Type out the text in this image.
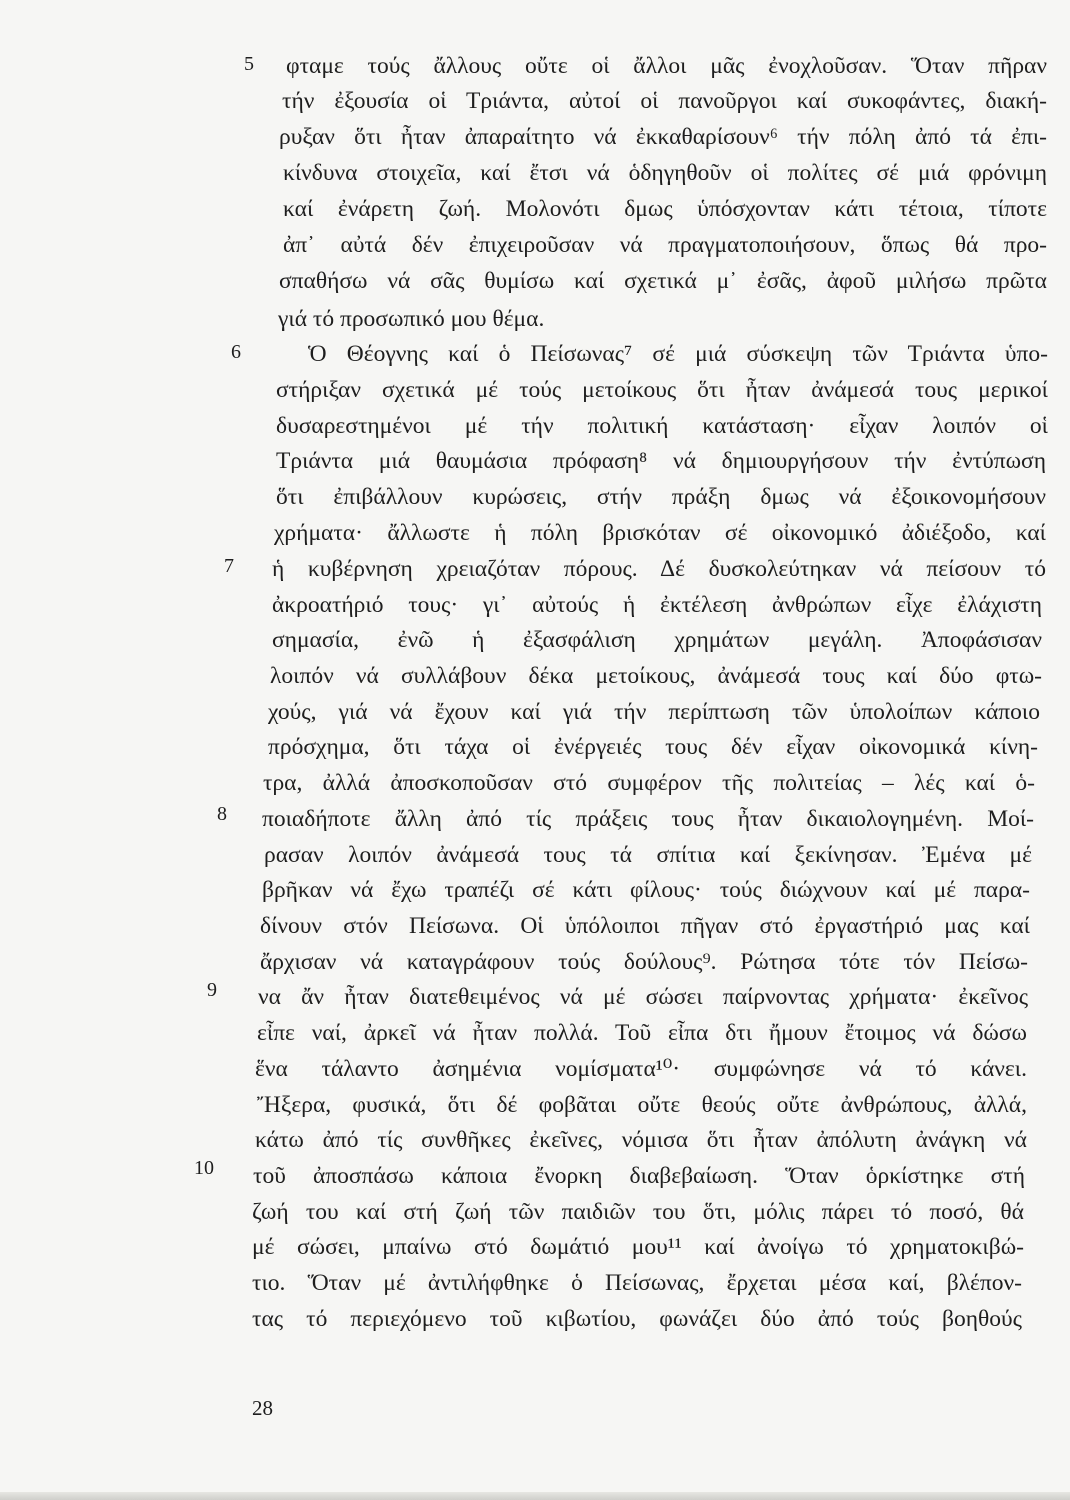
5
6
7
8
9
10
φταμε τούς ἄλλους οὔτε οἱ ἄλλοι μᾶς ἐνοχλοῦσαν. Ὅταν πῆραν
τήν ἐξουσία οἱ Τριάντα, αὐτοί οἱ πανοῦργοι καί συκοφάντες, διακή-
ρυξαν ὅτι ἦταν ἀπαραίτητο νά ἐκκαθαρίσουν⁶ τήν πόλη ἀπό τά ἐπι-
κίνδυνα στοιχεῖα, καί ἔτσι νά ὁδηγηθοῦν οἱ πολίτες σέ μιά φρόνιμη
καί ἐνάρετη ζωή. Μολονότι δμως ὑπόσχονταν κάτι τέτοια, τίποτε
ἀπ᾽ αὐτά δέν ἐπιχειροῦσαν νά πραγματοποιήσουν, ὅπως θά προ-
σπαθήσω νά σᾶς θυμίσω καί σχετικά μ᾽ ἐσᾶς, ἀφοῦ μιλήσω πρῶτα
γιά τό προσωπικό μου θέμα.
Ὁ Θέογνης καί ὁ Πείσωνας⁷ σέ μιά σύσκεψη τῶν Τριάντα ὑπο-
στήριξαν σχετικά μέ τούς μετοίκους ὅτι ἦταν ἀνάμεσά τους μερικοί
δυσαρεστημένοι μέ τήν πολιτική κατάσταση· εἶχαν λοιπόν οἱ
Τριάντα μιά θαυμάσια πρόφαση⁸ νά δημιουργήσουν τήν ἐντύπωση
ὅτι ἐπιβάλλουν κυρώσεις, στήν πράξη δμως νά ἐξοικονομήσουν
χρήματα· ἄλλωστε ἡ πόλη βρισκόταν σέ οἰκονομικό ἀδιέξοδο, καί
ἡ κυβέρνηση χρειαζόταν πόρους. Δέ δυσκολεύτηκαν νά πείσουν τό
ἀκροατήριό τους· γι᾽ αὐτούς ἡ ἐκτέλεση ἀνθρώπων εἶχε ἐλάχιστη
σημασία, ἐνῶ ἡ ἐξασφάλιση χρημάτων μεγάλη. Ἀποφάσισαν
λοιπόν νά συλλάβουν δέκα μετοίκους, ἀνάμεσά τους καί δύο φτω-
χούς, γιά νά ἔχουν καί γιά τήν περίπτωση τῶν ὑπολοίπων κάποιο
πρόσχημα, ὅτι τάχα οἱ ἐνέργειές τους δέν εἶχαν οἰκονομικά κίνη-
τρα, ἀλλά ἀποσκοποῦσαν στό συμφέρον τῆς πολιτείας – λές καί ὁ-
ποιαδήποτε ἄλλη ἀπό τίς πράξεις τους ἦταν δικαιολογημένη. Μοί-
ρασαν λοιπόν ἀνάμεσά τους τά σπίτια καί ξεκίνησαν. Ἐμένα μέ
βρῆκαν νά ἔχω τραπέζι σέ κάτι φίλους· τούς διώχνουν καί μέ παρα-
δίνουν στόν Πείσωνα. Οἱ ὑπόλοιποι πῆγαν στό ἐργαστήριό μας καί
ἄρχισαν νά καταγράφουν τούς δούλους⁹. Ρώτησα τότε τόν Πείσω-
να ἄν ἦταν διατεθειμένος νά μέ σώσει παίρνοντας χρήματα· ἐκεῖνος
εἶπε ναί, ἀρκεῖ νά ἦταν πολλά. Τοῦ εἶπα δτι ἤμουν ἔτοιμος νά δώσω
ἕνα τάλαντο ἀσημένια νομίσματα¹⁰· συμφώνησε νά τό κάνει.
Ἤξερα, φυσικά, ὅτι δέ φοβᾶται οὔτε θεούς οὔτε ἀνθρώπους, ἀλλά,
κάτω ἀπό τίς συνθῆκες ἐκεῖνες, νόμισα ὅτι ἦταν ἀπόλυτη ἀνάγκη νά
τοῦ ἀποσπάσω κάποια ἔνορκη διαβεβαίωση. Ὅταν ὁρκίστηκε στή
ζωή του καί στή ζωή τῶν παιδιῶν του ὅτι, μόλις πάρει τό ποσό, θά
μέ σώσει, μπαίνω στό δωμάτιό μου¹¹ καί ἀνοίγω τό χρηματοκιβώ-
τιο. Ὅταν μέ ἀντιλήφθηκε ὁ Πείσωνας, ἔρχεται μέσα καί, βλέπον-
τας τό περιεχόμενο τοῦ κιβωτίου, φωνάζει δύο ἀπό τούς βοηθούς
28
